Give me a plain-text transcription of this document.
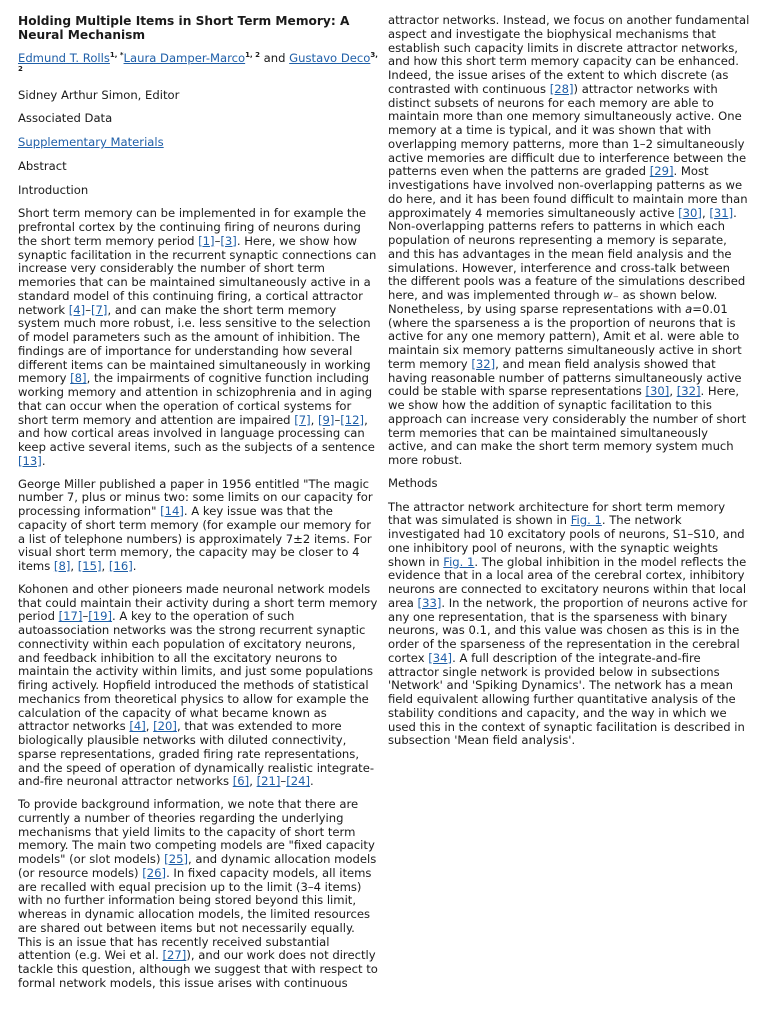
Holding Multiple Items in Short Term Memory: A Neural Mechanism

Edmund T. Rolls$^{1, *}$Laura Damper-Marco$^{1, 2}$ and Gustavo Deco$^{3, 2}$

Sidney Arthur Simon, Editor

Associated Data

Supplementary Materials

Abstract

Introduction

Short term memory can be implemented in for example the prefrontal cortex by the continuing firing of neurons during the short term memory period [1]–[3]. Here, we show how synaptic facilitation in the recurrent synaptic connections can increase very considerably the number of short term memories that can be maintained simultaneously active in a standard model of this continuing firing, a cortical attractor network [4]–[7], and can make the short term memory system much more robust, i.e. less sensitive to the selection of model parameters such as the amount of inhibition. The findings are of importance for understanding how several different items can be maintained simultaneously in working memory [8], the impairments of cognitive function including working memory and attention in schizophrenia and in aging that can occur when the operation of cortical systems for short term memory and attention are impaired [7], [9]–[12], and how cortical areas involved in language processing can keep active several items, such as the subjects of a sentence [13].

George Miller published a paper in 1956 entitled "The magic number 7, plus or minus two: some limits on our capacity for processing information" [14]. A key issue was that the capacity of short term memory (for example our memory for a list of telephone numbers) is approximately 7±2 items. For visual short term memory, the capacity may be closer to 4 items [8], [15], [16].

Kohonen and other pioneers made neuronal network models that could maintain their activity during a short term memory period [17]–[19]. A key to the operation of such autoassociation networks was the strong recurrent synaptic connectivity within each population of excitatory neurons, and feedback inhibition to all the excitatory neurons to maintain the activity within limits, and just some populations firing actively. Hopfield introduced the methods of statistical mechanics from theoretical physics to allow for example the calculation of the capacity of what became known as attractor networks [4], [20], that was extended to more biologically plausible networks with diluted connectivity, sparse representations, graded firing rate representations, and the speed of operation of dynamically realistic integrate-and-fire neuronal attractor networks [6], [21]–[24].

To provide background information, we note that there are currently a number of theories regarding the underlying mechanisms that yield limits to the capacity of short term memory. The main two competing models are "fixed capacity models" (or slot models) [25], and dynamic allocation models (or resource models) [26]. In fixed capacity models, all items are recalled with equal precision up to the limit (3–4 items) with no further information being stored beyond this limit, whereas in dynamic allocation models, the limited resources are shared out between items but not necessarily equally. This is an issue that has recently received substantial attention (e.g. Wei et al. [27]), and our work does not directly tackle this question, although we suggest that with respect to formal network models, this issue arises with continuous

attractor networks. Instead, we focus on another fundamental aspect and investigate the biophysical mechanisms that establish such capacity limits in discrete attractor networks, and how this short term memory capacity can be enhanced. Indeed, the issue arises of the extent to which discrete (as contrasted with continuous [28]) attractor networks with distinct subsets of neurons for each memory are able to maintain more than one memory simultaneously active. One memory at a time is typical, and it was shown that with overlapping memory patterns, more than 1–2 simultaneously active memories are difficult due to interference between the patterns even when the patterns are graded [29]. Most investigations have involved non-overlapping patterns as we do here, and it has been found difficult to maintain more than approximately 4 memories simultaneously active [30], [31]. Non-overlapping patterns refers to patterns in which each population of neurons representing a memory is separate, and this has advantages in the mean field analysis and the simulations. However, interference and cross-talk between the different pools was a feature of the simulations described here, and was implemented through w₋ as shown below. Nonetheless, by using sparse representations with a=0.01 (where the sparseness a is the proportion of neurons that is active for any one memory pattern), Amit et al. were able to maintain six memory patterns simultaneously active in short term memory [32], and mean field analysis showed that having reasonable number of patterns simultaneously active could be stable with sparse representations [30], [32]. Here, we show how the addition of synaptic facilitation to this approach can increase very considerably the number of short term memories that can be maintained simultaneously active, and can make the short term memory system much more robust.

Methods

The attractor network architecture for short term memory that was simulated is shown in Fig. 1. The network investigated had 10 excitatory pools of neurons, S1–S10, and one inhibitory pool of neurons, with the synaptic weights shown in Fig. 1. The global inhibition in the model reflects the evidence that in a local area of the cerebral cortex, inhibitory neurons are connected to excitatory neurons within that local area [33]. In the network, the proportion of neurons active for any one representation, that is the sparseness with binary neurons, was 0.1, and this value was chosen as this is in the order of the sparseness of the representation in the cerebral cortex [34]. A full description of the integrate-and-fire attractor single network is provided below in subsections 'Network' and 'Spiking Dynamics'. The network has a mean field equivalent allowing further quantitative analysis of the stability conditions and capacity, and the way in which we used this in the context of synaptic facilitation is described in subsection 'Mean field analysis'.
